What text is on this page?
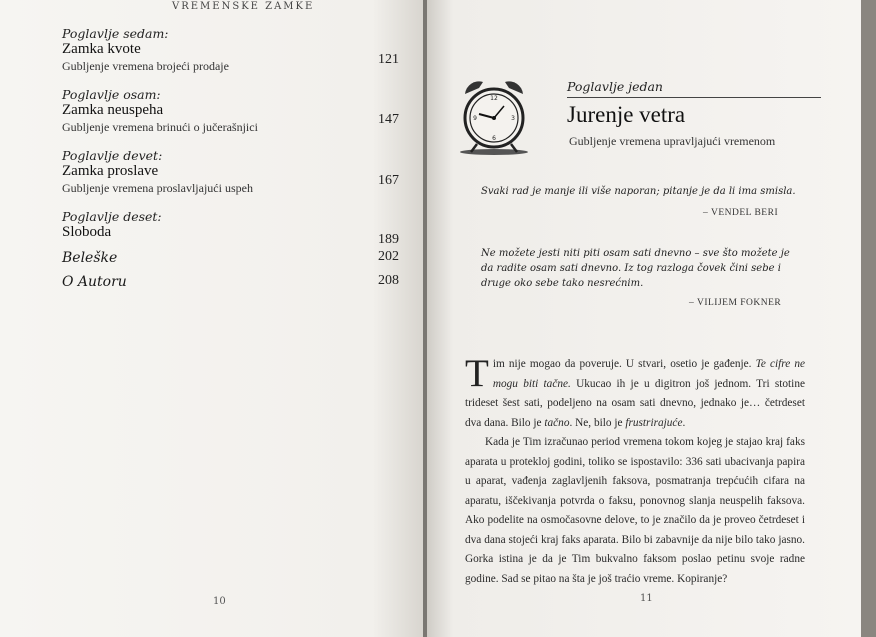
VREMENSKE ZAMKE
Poglavlje sedam:
Zamka kvote
Gubljenje vremena brojeći prodaje	121
Poglavlje osam:
Zamka neuspeha
Gubljenje vremena brinući o jučerašnjici	147
Poglavlje devet:
Zamka proslave
Gubljenje vremena proslavljajući uspeh	167
Poglavlje deset:
Sloboda	189
Beleške	202
O Autoru	208
10
12
3
6
9
Poglavlje jedan
Jurenje vetra
Gubljenje vremena upravljajući vremenom
Svaki rad je manje ili više naporan; pitanje je da li ima smisla.
– VENDEL BERI
Ne možete jesti niti piti osam sati dnevno – sve što možete je
da radite osam sati dnevno. Iz tog razloga čovek čini sebe i
druge oko sebe tako nesrećnim.
– VILIJEM FOKNER

Tim nije mogao da poveruje. U stvari, osetio je gađenje. Te cifre ne mogu biti tačne. Ukucao ih je u digitron još jednom. Tri stotine trideset šest sati, podeljeno na osam sati dnevno, jednako je… četrdeset dva dana. Bilo je tačno. Ne, bilo je frustrirajuće.

Kada je Tim izračunao period vremena tokom kojeg je stajao kraj faks aparata u protekloj godini, toliko se ispostavilo: 336 sati ubacivanja papira u aparat, vađenja zaglavljenih faksova, posmatranja trepćućih cifara na aparatu, iščekivanja potvrda o faksu, ponovnog slanja neuspelih faksova. Ako podelite na osmočasovne delove, to je značilo da je proveo četrdeset i dva dana stojeći kraj faks aparata. Bilo bi zabavnije da nije bilo tako jasno. Gorka istina je da je Tim bukvalno faksom poslao petinu svoje radne godine. Sad se pitao na šta je još traćio vreme. Kopiranje?

11
